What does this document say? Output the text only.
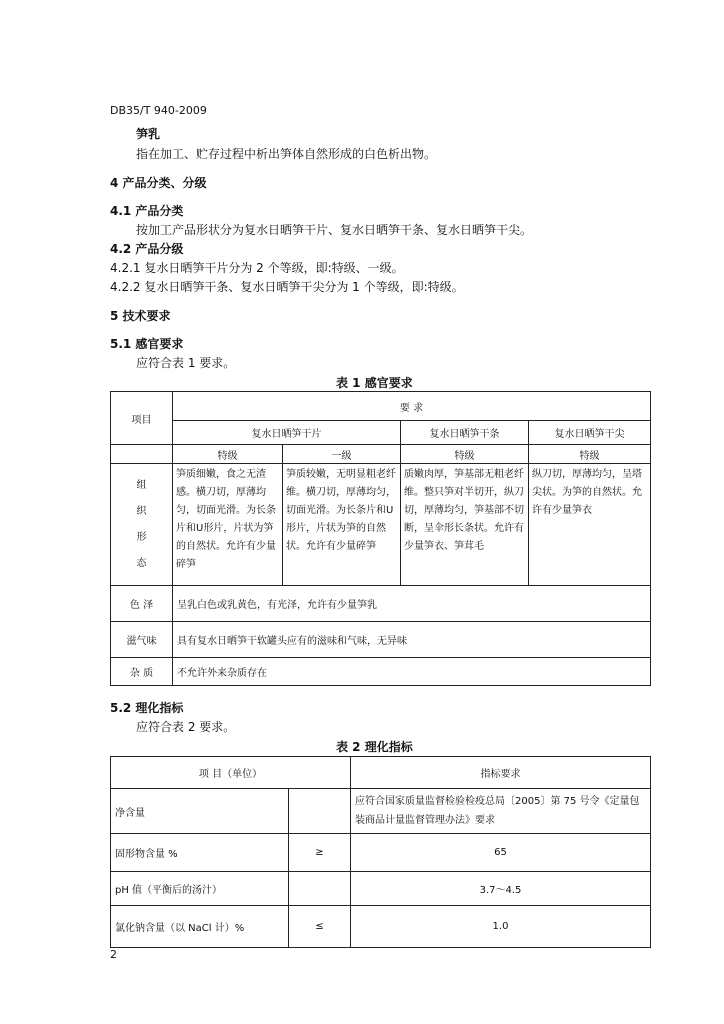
DB35/T 940-2009
笋乳
指在加工、贮存过程中析出笋体自然形成的白色析出物。
4 产品分类、分级
4.1 产品分类
按加工产品形状分为复水日晒笋干片、复水日晒笋干条、复水日晒笋干尖。
4.2 产品分级
4.2.1 复水日晒笋干片分为 2 个等级，即:特级、一级。
4.2.2 复水日晒笋干条、复水日晒笋干尖分为 1 个等级，即:特级。
5 技术要求
5.1 感官要求
应符合表 1 要求。
表 1 感官要求
项目	要 求			
	复水日晒笋干片		复水日晒笋干条	复水日晒笋干尖
	特级	一级	特级	特级

组
织
形
态	笋质细嫩，食之无渣感。横刀切，厚薄均匀，切面光滑。为长条片和U形片，片状为笋的自然状。允许有少量碎笋	笋质较嫩，无明显粗老纤维。横刀切，厚薄均匀，切面光滑。为长条片和U形片，片状为笋的自然状。允许有少量碎笋	质嫩肉厚，笋基部无粗老纤维。整只笋对半切开，纵刀切，厚薄均匀，笋基部不切断，呈伞形长条状。允许有少量笋衣、笋茸毛	纵刀切，厚薄均匀，呈塔尖状。为笋的自然状。允许有少量笋衣
色 泽	呈乳白色或乳黄色，有光泽，允许有少量笋乳			
滋气味	具有复水日晒笋干软罐头应有的滋味和气味，无异味			
杂 质	不允许外来杂质存在			
5.2 理化指标
应符合表 2 要求。
表 2 理化指标
项 目（单位）		指标要求
净含量		应符合国家质量监督检验检疫总局〔2005〕第 75 号令《定量包装商品计量监督管理办法》要求
固形物含量 %	≥	65
pH 值（平衡后的汤汁）		3.7～4.5
氯化钠含量（以 NaCl 计）%	≤	1.0
2
